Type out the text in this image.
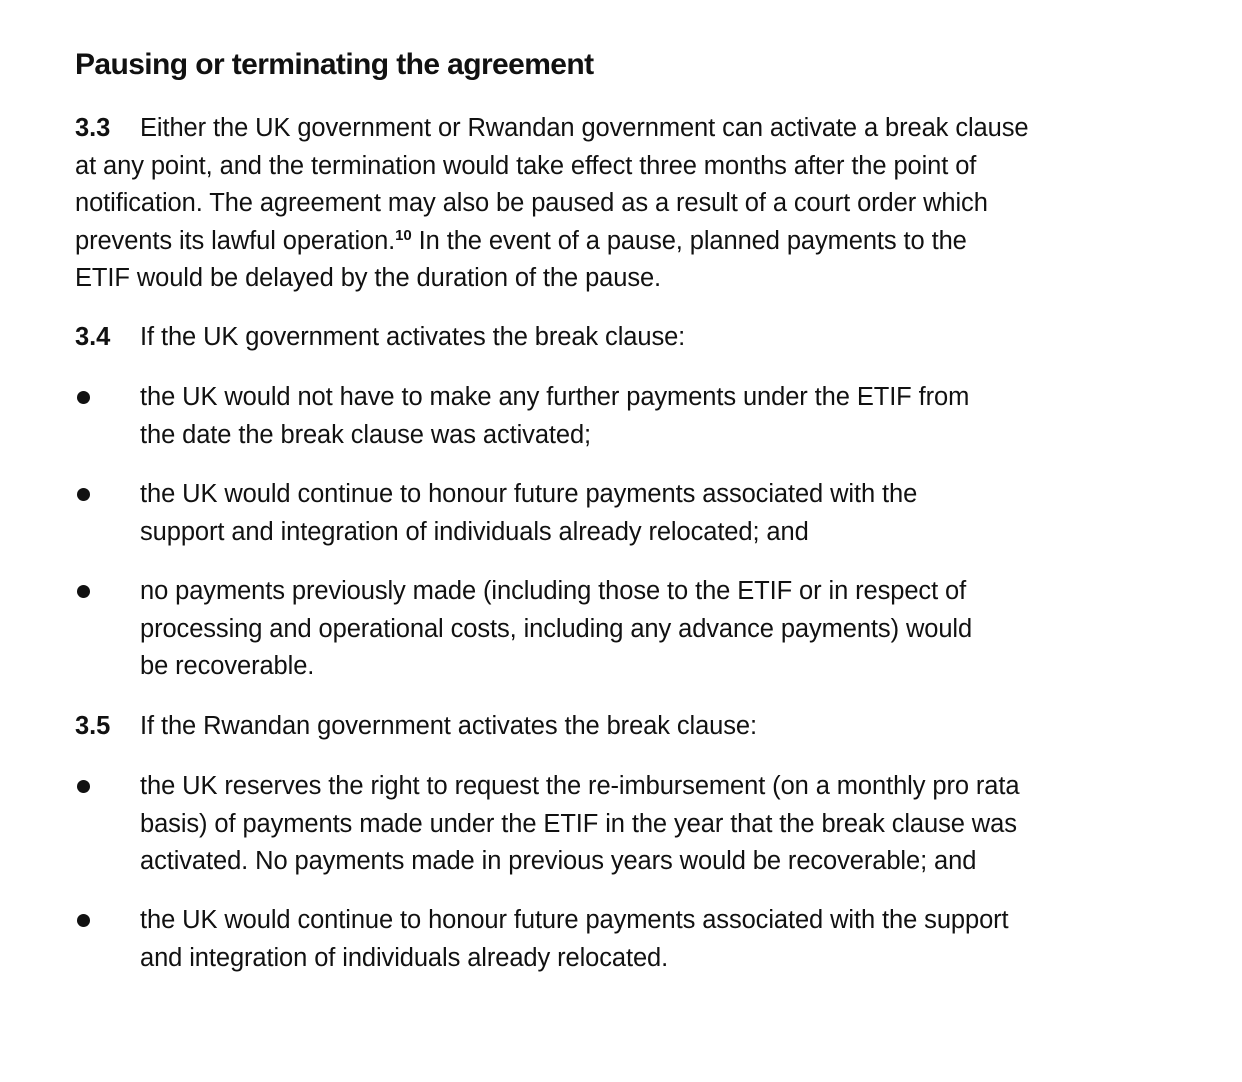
Pausing or terminating the agreement
3.3 Either the UK government or Rwandan government can activate a break clause
at any point, and the termination would take effect three months after the point of
notification. The agreement may also be paused as a result of a court order which
prevents its lawful operation.$^{10}$ In the event of a pause, planned payments to the
ETIF would be delayed by the duration of the pause.
3.4 If the UK government activates the break clause:
the UK would not have to make any further payments under the ETIF from
the date the break clause was activated;
the UK would continue to honour future payments associated with the
support and integration of individuals already relocated; and
no payments previously made (including those to the ETIF or in respect of
processing and operational costs, including any advance payments) would
be recoverable.
3.5 If the Rwandan government activates the break clause:
the UK reserves the right to request the re-imbursement (on a monthly pro rata
basis) of payments made under the ETIF in the year that the break clause was
activated. No payments made in previous years would be recoverable; and
the UK would continue to honour future payments associated with the support
and integration of individuals already relocated.
